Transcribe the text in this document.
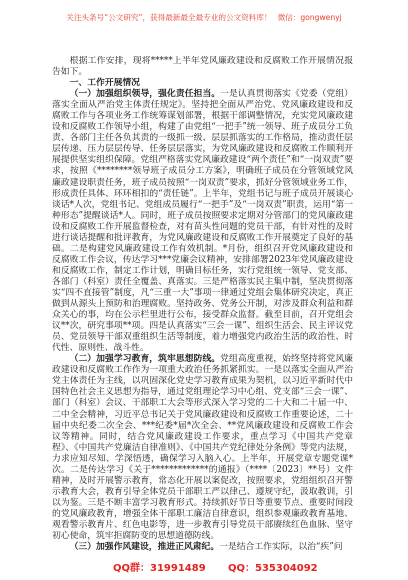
关注头条号“公文研究”，获得最新最全最专业的公文资料库！ 微信：gongwenyj

根据工作安排，现将*****上半年党风廉政建设和反腐败工作开展情况报告如下。

一、工作开展情况

（一）加强组织领导，强化责任担当。一是认真贯彻落实《党委（党组）落实全面从严治党主体责任规定》。坚持把全面从严治党、党风廉政建设和反腐败工作与各项业务工作统筹谋划部署，根据干部调整情况，充实党风廉政建设和反腐败工作领导小组，构建了由党组“一把手”统一领导、班子成员分工负责、各部门主任各负其责的一级抓一级、层层抓落实的工作格局，推动责任层层传递、压力层层传导、任务层层落实，为党风廉政建设和反腐败工作顺利开展提供坚实组织保障。党组严格落实党风廉政建设“两个责任”和“一岗双责”要求，按照《********领导班子成员分工方案》，明确班子成员在分管领域党风廉政建设职责任务，班子成员按照“一岗双责”要求，抓好分管领域业务工作，形成责任具体、环环相扣的“责任链”。上半年，党组书记与班子成员开展谈心谈话*人次，党组书记、党组成员履行“一把手”及“一岗双责”职责，运用“第一种形态”提醒谈话*人。同时，班子成员按照要求定期对分管部门的党风廉政建设和反腐败工作开展监督检查，对有苗头性问题的党员干部，有针对性的及时进行谈话提醒和批评教育，为党风廉政建设和反腐败工作开展奠定了良好的基础。二是构建党风廉政建设工作有效机制。*月份，组织召开党风廉政建设和反腐败工作会议，传达学习***党廉会议精神，安排部署2023年党风廉政建设和反腐败工作，制定工作计划，明确目标任务，实行党组统一领导、党支部、各部门（科室）责任全覆盖、真落实。三是严格落实民主集中制，坚决贯彻落实“四不直接管”制度，凡“三重一大”事项一律通过党组会集体研究决定，真正做到从源头上预防和治理腐败。坚持政务、党务公开制，对涉及群众利益和群众关心的事，均在公示栏里进行公布，接受群众监督。截至目前，召开党组会议**次，研究事项**项。四是认真落实“三会一课”、组织生活会、民主评议党员、党员领导干部双重组织生活等制度，着力增强党内政治生活的政治性、时代性、原则性、战斗性。

（二）加强学习教育，筑牢思想防线。党组高度重视，始终坚持将党风廉政建设和反腐败工作作为一项重大政治任务抓紧抓实。一是以落实全面从严治党主体责任为主线，以巩固深化党史学习教育成果为契机，以习近平新时代中国特色社会主义思想为指导，通过党组理论学习中心组、党支部“三会一课”、部门（科室）会议、干部职工大会等形式深入学习党的二十大和二十届一中、二中全会精神，习近平总书记关于党风廉政建设和反腐败工作重要论述，二十届中央纪委二次全会、***纪委*届*次全会、**党风廉政建设和反腐败工作会议等精神。同时，结合党风廉政建设工作要求，重点学习《中国共产党章程》、《中国共产党廉洁自律准则》、《中国共产党纪律处分条例》等党内法规，力求应知尽知、学深悟透，确保学习入脑入心。上半年，开展党章专题党课*次。二是传达学习《关于*************的通报》（****〔2023〕**号）文件精神，及时开展警示教育，常态化开展以案促改，按照要求，党组组织召开警示教育大会，教育引导全体党员干部职工严以律己、遵规守纪，汲取教训，引以为鉴。三是不断丰富学习教育形式。持续抓好节日等重要节点、重要时间段的党风廉政教育，增强全体干部职工廉洁自律意识，组织参观廉政教育基地、观看警示教育片、红色电影等，进一步教育引导党员干部赓续红色血脉、坚守初心使命，筑牢拒腐防变的思想道德防线。

（三）加强作风建设，推进正风肃纪。一是结合工作实际，以治“疾”问

QQ群：31991489 QQ：535304092
